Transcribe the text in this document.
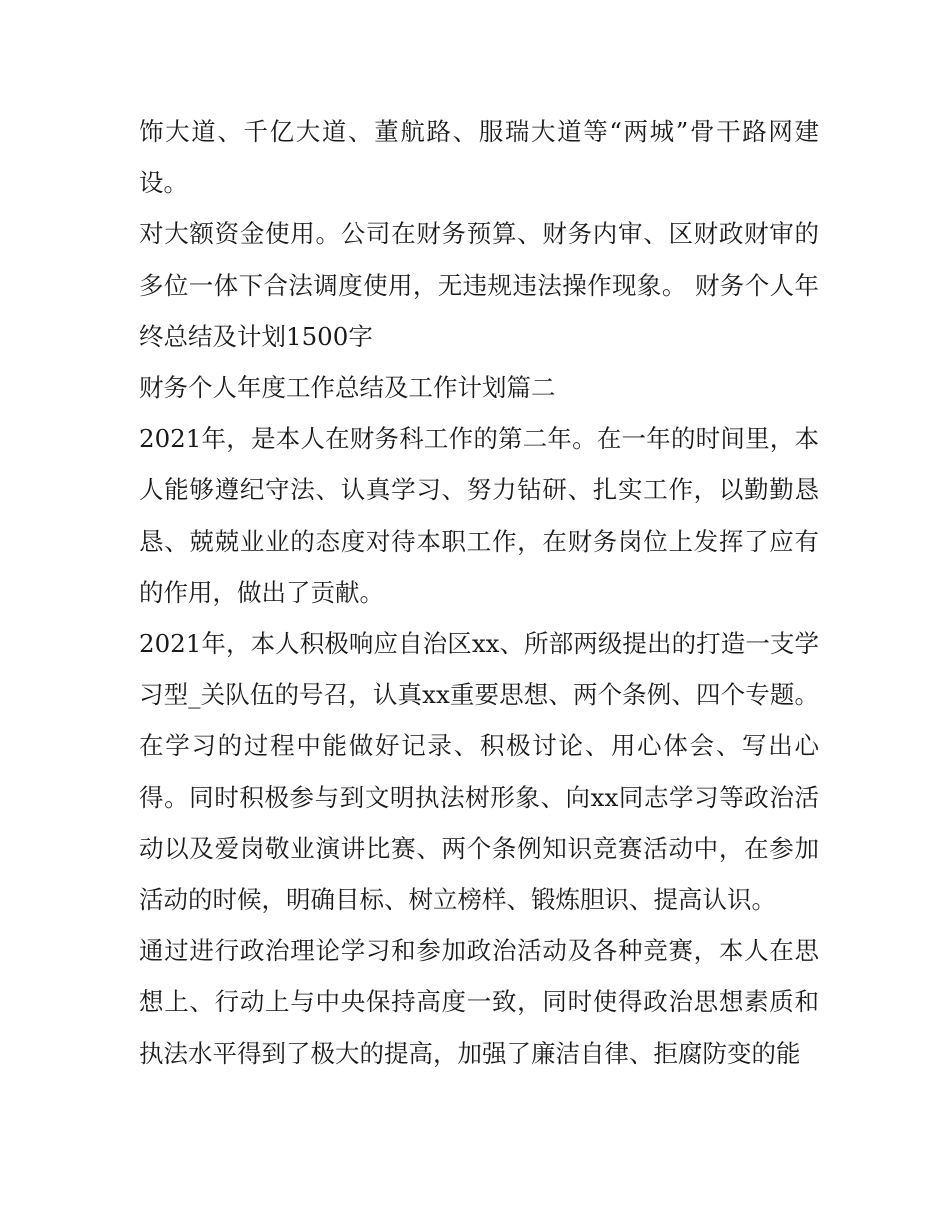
饰大道、千亿大道、董航路、服瑞大道等“两城”骨干路网建设。

对大额资金使用。公司在财务预算、财务内审、区财政财审的多位一体下合法调度使用，无违规违法操作现象。 财务个人年终总结及计划1500字

财务个人年度工作总结及工作计划篇二

2021年，是本人在财务科工作的第二年。在一年的时间里，本人能够遵纪守法、认真学习、努力钻研、扎实工作，以勤勤恳恳、兢兢业业的态度对待本职工作，在财务岗位上发挥了应有的作用，做出了贡献。

2021年，本人积极响应自治区xx、所部两级提出的打造一支学习型_关队伍的号召，认真xx重要思想、两个条例、四个专题。在学习的过程中能做好记录、积极讨论、用心体会、写出心得。同时积极参与到文明执法树形象、向xx同志学习等政治活动以及爱岗敬业演讲比赛、两个条例知识竞赛活动中，在参加活动的时候，明确目标、树立榜样、锻炼胆识、提高认识。

通过进行政治理论学习和参加政治活动及各种竞赛，本人在思想上、行动上与中央保持高度一致，同时使得政治思想素质和执法水平得到了极大的提高，加强了廉洁自律、拒腐防变的能
